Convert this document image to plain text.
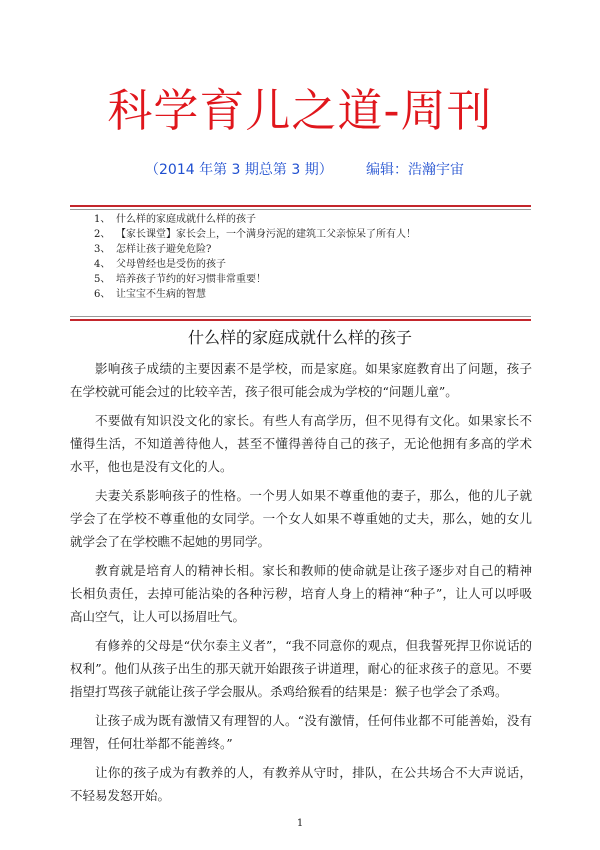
科学育儿之道-周刊
（2014 年第 3 期总第 3 期） 编辑：浩瀚宇宙
1、 什么样的家庭成就什么样的孩子
2、 【家长课堂】家长会上，一个满身污泥的建筑工父亲惊呆了所有人！
3、 怎样让孩子避免危险?
4、 父母曾经也是受伤的孩子
5、 培养孩子节约的好习惯非常重要！
6、 让宝宝不生病的智慧
什么样的家庭成就什么样的孩子

影响孩子成绩的主要因素不是学校，而是家庭。如果家庭教育出了问题，孩子在学校就可能会过的比较辛苦，孩子很可能会成为学校的“问题儿童”。

不要做有知识没文化的家长。有些人有高学历，但不见得有文化。如果家长不懂得生活，不知道善待他人，甚至不懂得善待自己的孩子，无论他拥有多高的学术水平，他也是没有文化的人。

夫妻关系影响孩子的性格。一个男人如果不尊重他的妻子，那么，他的儿子就学会了在学校不尊重他的女同学。一个女人如果不尊重她的丈夫，那么，她的女儿就学会了在学校瞧不起她的男同学。

教育就是培育人的精神长相。家长和教师的使命就是让孩子逐步对自己的精神长相负责任，去掉可能沾染的各种污秽，培育人身上的精神“种子”，让人可以呼吸高山空气，让人可以扬眉吐气。

有修养的父母是“伏尔泰主义者”，“我不同意你的观点，但我誓死捍卫你说话的权利”。他们从孩子出生的那天就开始跟孩子讲道理，耐心的征求孩子的意见。不要指望打骂孩子就能让孩子学会服从。杀鸡给猴看的结果是：猴子也学会了杀鸡。

让孩子成为既有激情又有理智的人。“没有激情，任何伟业都不可能善始，没有理智，任何壮举都不能善终。”

让你的孩子成为有教养的人，有教养从守时，排队，在公共场合不大声说话，不轻易发怒开始。

1
